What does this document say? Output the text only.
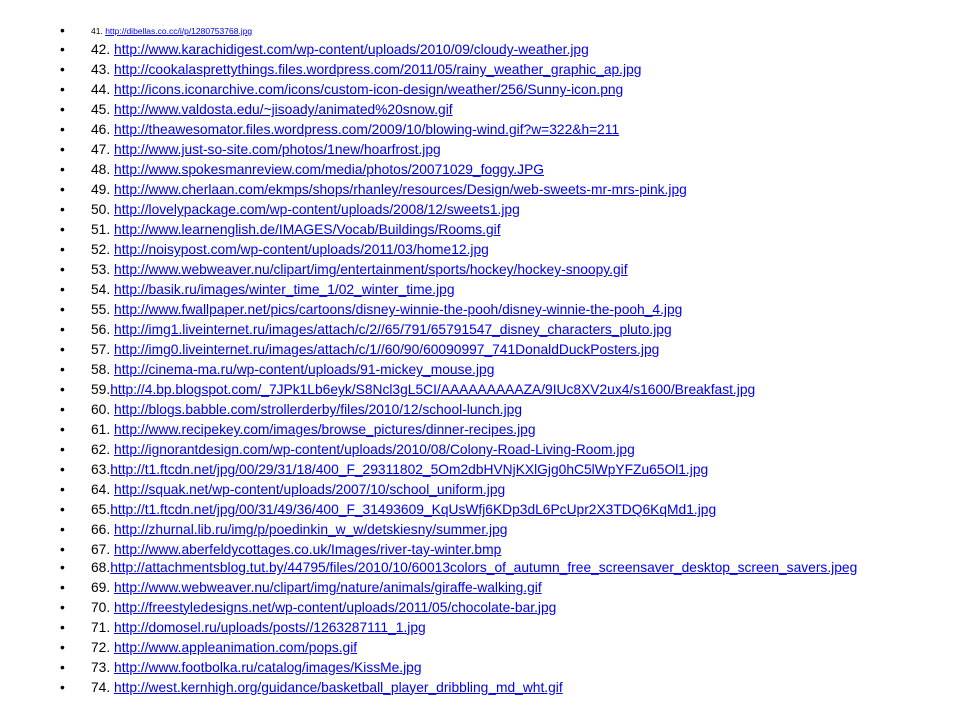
•	41. http://dibellas.co.cc/i/p/1280753768.jpg
•	42. http://www.karachidigest.com/wp-content/uploads/2010/09/cloudy-weather.jpg
•	43. http://cookalasprettythings.files.wordpress.com/2011/05/rainy_weather_graphic_ap.jpg
•	44. http://icons.iconarchive.com/icons/custom-icon-design/weather/256/Sunny-icon.png
•	45. http://www.valdosta.edu/~jisoady/animated%20snow.gif
•	46. http://theawesomator.files.wordpress.com/2009/10/blowing-wind.gif?w=322&h=211
•	47. http://www.just-so-site.com/photos/1new/hoarfrost.jpg
•	48. http://www.spokesmanreview.com/media/photos/20071029_foggy.JPG
•	49. http://www.cherlaan.com/ekmps/shops/rhanley/resources/Design/web-sweets-mr-mrs-pink.jpg
•	50. http://lovelypackage.com/wp-content/uploads/2008/12/sweets1.jpg
•	51. http://www.learnenglish.de/IMAGES/Vocab/Buildings/Rooms.gif
•	52. http://noisypost.com/wp-content/uploads/2011/03/home12.jpg
•	53. http://www.webweaver.nu/clipart/img/entertainment/sports/hockey/hockey-snoopy.gif
•	54. http://basik.ru/images/winter_time_1/02_winter_time.jpg
•	55. http://www.fwallpaper.net/pics/cartoons/disney-winnie-the-pooh/disney-winnie-the-pooh_4.jpg
•	56. http://img1.liveinternet.ru/images/attach/c/2//65/791/65791547_disney_characters_pluto.jpg
•	57. http://img0.liveinternet.ru/images/attach/c/1//60/90/60090997_741DonaldDuckPosters.jpg
•	58. http://cinema-ma.ru/wp-content/uploads/91-mickey_mouse.jpg
•	59.http://4.bp.blogspot.com/_7JPk1Lb6eyk/S8Ncl3gL5CI/AAAAAAAAAZA/9IUc8XV2ux4/s1600/Breakfast.jpg
•	60. http://blogs.babble.com/strollerderby/files/2010/12/school-lunch.jpg
•	61. http://www.recipekey.com/images/browse_pictures/dinner-recipes.jpg
•	62. http://ignorantdesign.com/wp-content/uploads/2010/08/Colony-Road-Living-Room.jpg
•	63.http://t1.ftcdn.net/jpg/00/29/31/18/400_F_29311802_5Om2dbHVNjKXlGjg0hC5lWpYFZu65Ol1.jpg
•	64. http://squak.net/wp-content/uploads/2007/10/school_uniform.jpg
•	65.http://t1.ftcdn.net/jpg/00/31/49/36/400_F_31493609_KqUsWfj6KDp3dL6PcUpr2X3TDQ6KqMd1.jpg
•	66. http://zhurnal.lib.ru/img/p/poedinkin_w_w/detskiesny/summer.jpg
•	67. http://www.aberfeldycottages.co.uk/Images/river-tay-winter.bmp
•	68.http://attachmentsblog.tut.by/44795/files/2010/10/60013colors_of_autumn_free_screensaver_desktop_screen_savers.jpeg
•	69. http://www.webweaver.nu/clipart/img/nature/animals/giraffe-walking.gif
•	70. http://freestyledesigns.net/wp-content/uploads/2011/05/chocolate-bar.jpg
•	71. http://domosel.ru/uploads/posts//1263287111_1.jpg
•	72. http://www.appleanimation.com/pops.gif
•	73. http://www.footbolka.ru/catalog/images/KissMe.jpg
•	74. http://west.kernhigh.org/guidance/basketball_player_dribbling_md_wht.gif
